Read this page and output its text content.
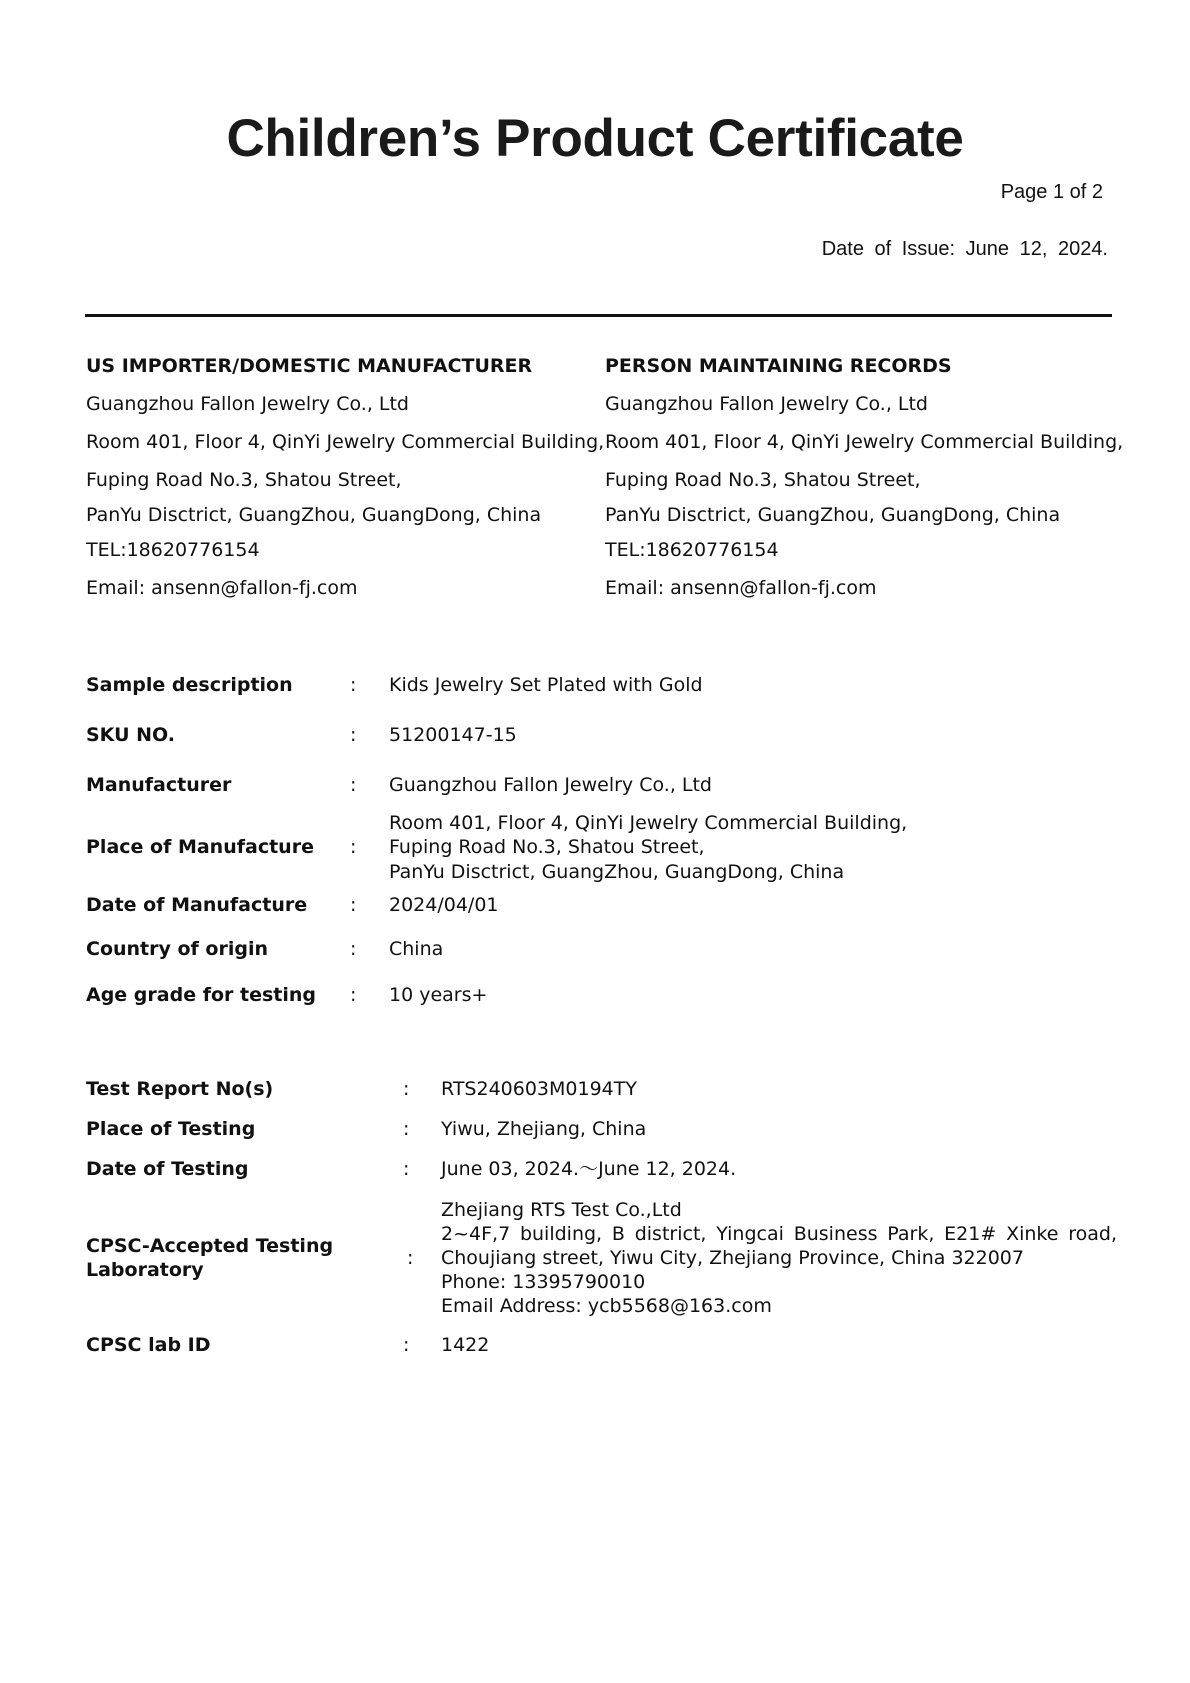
Children’s Product Certificate
Page 1 of 2
Date of Issue: June 12, 2024.
US IMPORTER/DOMESTIC MANUFACTURER
Guangzhou Fallon Jewelry Co., Ltd
Room 401, Floor 4, QinYi Jewelry Commercial Building,
Fuping Road No.3, Shatou Street,
PanYu Disctrict, GuangZhou, GuangDong, China
TEL:18620776154
Email: ansenn@fallon-fj.com
PERSON MAINTAINING RECORDS
Guangzhou Fallon Jewelry Co., Ltd
Room 401, Floor 4, QinYi Jewelry Commercial Building,
Fuping Road No.3, Shatou Street,
PanYu Disctrict, GuangZhou, GuangDong, China
TEL:18620776154
Email: ansenn@fallon-fj.com
Sample description	: Kids Jewelry Set Plated with Gold
SKU NO.	: 51200147-15
Manufacturer	: Guangzhou Fallon Jewelry Co., Ltd
Place of Manufacture :
Room 401, Floor 4, QinYi Jewelry Commercial Building,
Fuping Road No.3, Shatou Street,
PanYu Disctrict, GuangZhou, GuangDong, China
Date of Manufacture : 2024/04/01
Country of origin	: China
Age grade for testing : 10 years+
Test Report No(s)	: RTS240603M0194TY
Place of Testing	: Yiwu, Zhejiang, China
Date of Testing	: June 03, 2024.～June 12, 2024.
CPSC-Accepted Testing
Laboratory
:
Zhejiang RTS Test Co.,Ltd
2~4F,7 building, B district, Yingcai Business Park, E21# Xinke road,
Choujiang street, Yiwu City, Zhejiang Province, China 322007
Phone: 13395790010
Email Address: ycb5568@163.com
CPSC lab ID	: 1422
